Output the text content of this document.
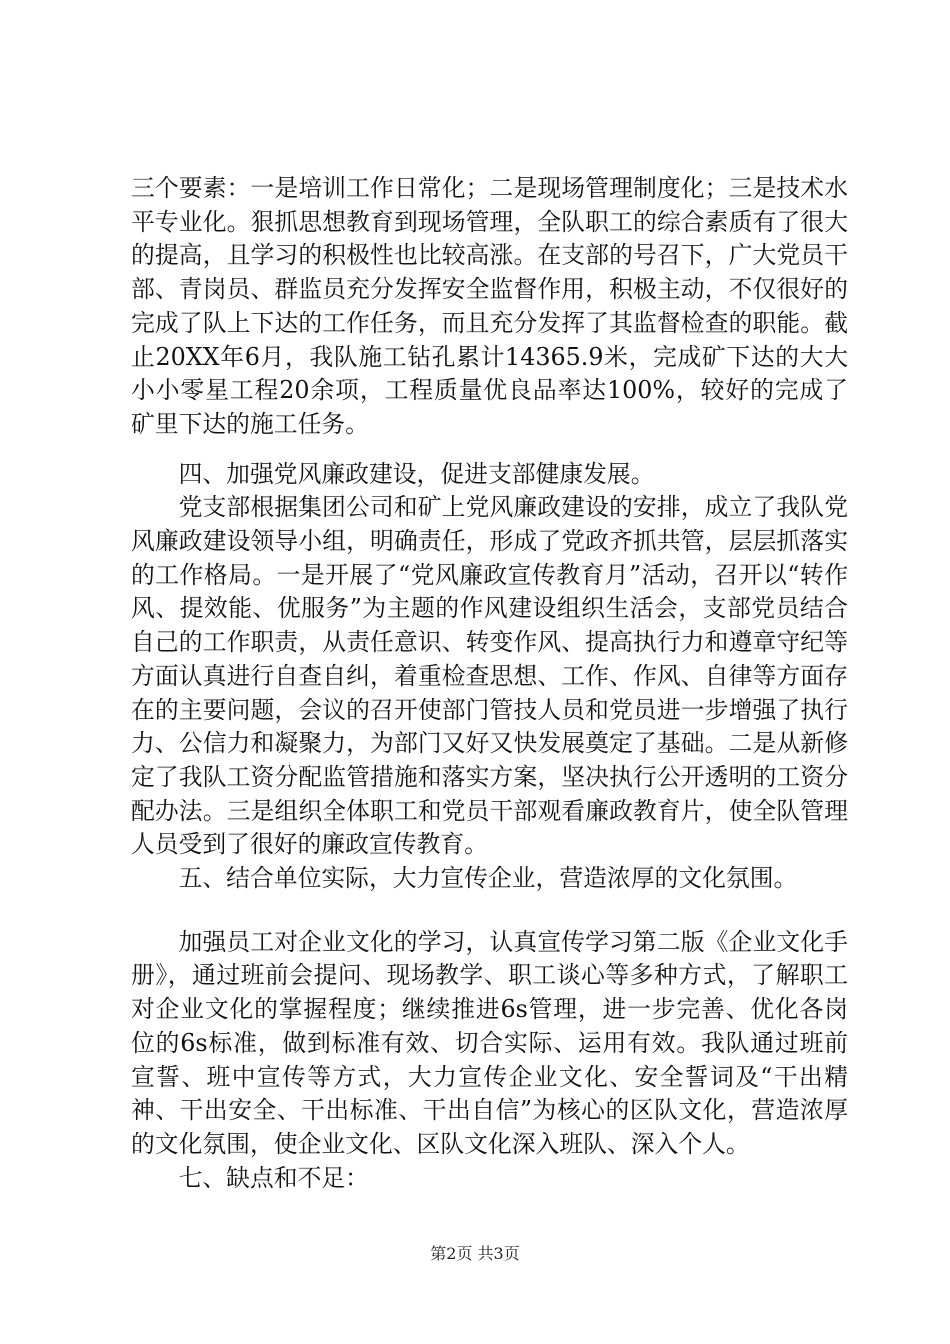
三个要素：一是培训工作日常化；二是现场管理制度化；三是技术水平专业化。狠抓思想教育到现场管理，全队职工的综合素质有了很大的提高，且学习的积极性也比较高涨。在支部的号召下，广大党员干部、青岗员、群监员充分发挥安全监督作用，积极主动，不仅很好的完成了队上下达的工作任务，而且充分发挥了其监督检查的职能。截止20XX年6月，我队施工钻孔累计14365.9米，完成矿下达的大大小小零星工程20余项，工程质量优良品率达100%，较好的完成了矿里下达的施工任务。

四、加强党风廉政建设，促进支部健康发展。

党支部根据集团公司和矿上党风廉政建设的安排，成立了我队党风廉政建设领导小组，明确责任，形成了党政齐抓共管，层层抓落实的工作格局。一是开展了“党风廉政宣传教育月”活动，召开以“转作风、提效能、优服务”为主题的作风建设组织生活会，支部党员结合自己的工作职责，从责任意识、转变作风、提高执行力和遵章守纪等方面认真进行自查自纠，着重检查思想、工作、作风、自律等方面存在的主要问题，会议的召开使部门管技人员和党员进一步增强了执行力、公信力和凝聚力，为部门又好又快发展奠定了基础。二是从新修定了我队工资分配监管措施和落实方案，坚决执行公开透明的工资分配办法。三是组织全体职工和党员干部观看廉政教育片，使全队管理人员受到了很好的廉政宣传教育。

五、结合单位实际，大力宣传企业，营造浓厚的文化氛围。

加强员工对企业文化的学习，认真宣传学习第二版《企业文化手册》，通过班前会提问、现场教学、职工谈心等多种方式，了解职工对企业文化的掌握程度；继续推进6s管理，进一步完善、优化各岗位的6s标准，做到标准有效、切合实际、运用有效。我队通过班前宣誓、班中宣传等方式，大力宣传企业文化、安全誓词及“干出精神、干出安全、干出标准、干出自信”为核心的区队文化，营造浓厚的文化氛围，使企业文化、区队文化深入班队、深入个人。

七、缺点和不足：

第2页 共3页
